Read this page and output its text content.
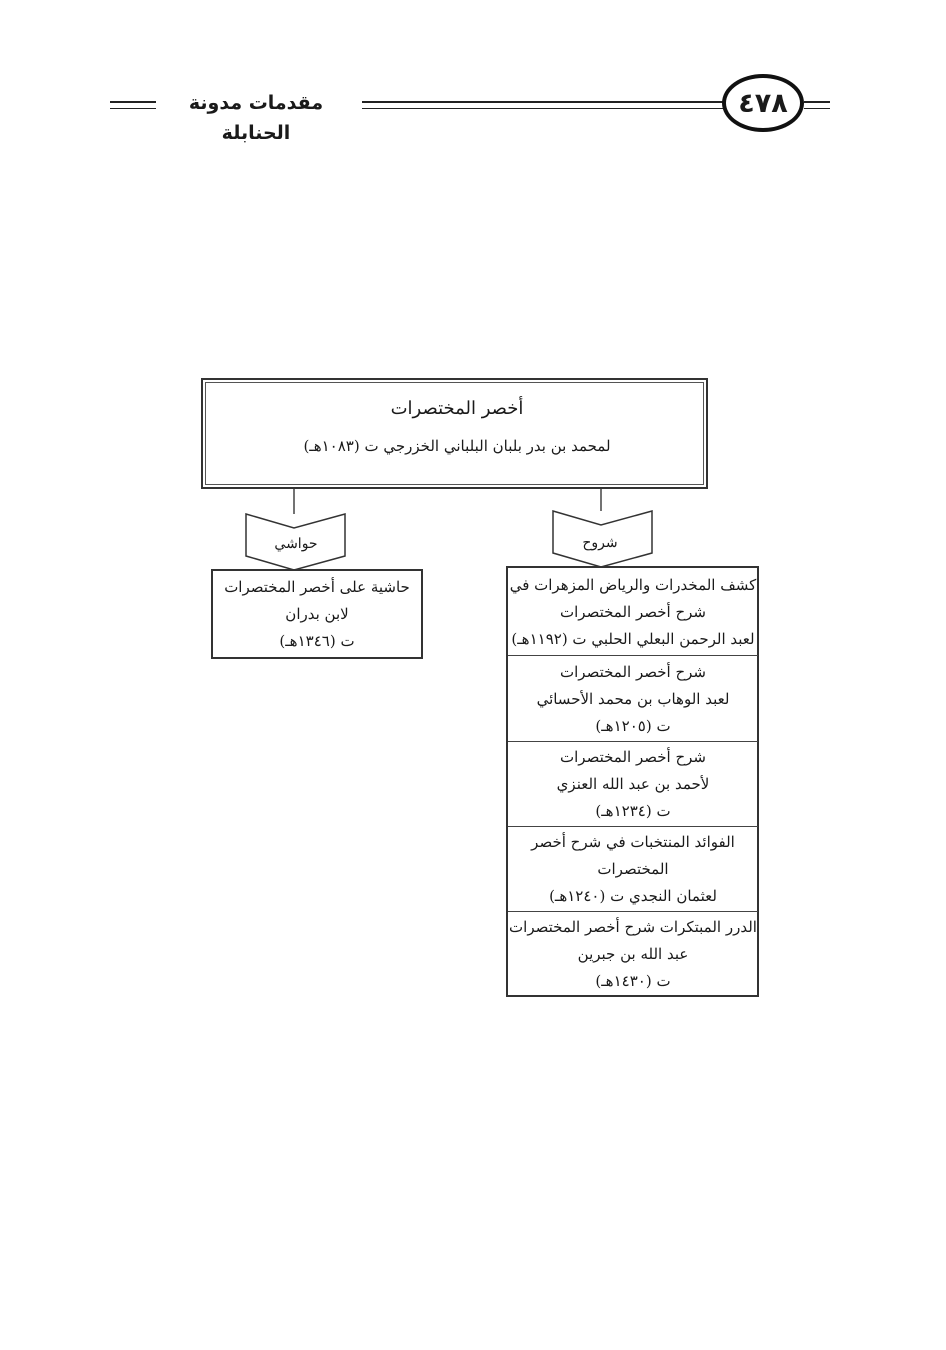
مقدمات مدونة الحنابلة
٤٧٨
حواشي	شروح
أخصر المختصرات
لمحمد بن بدر بلبان البلباني الخزرجي ت (١٠٨٣هـ)
حاشية على أخصر المختصرات
لابن بدران
ت (١٣٤٦هـ)
كشف المخدرات والرياض المزهرات في
شرح أخصر المختصرات
لعبد الرحمن البعلي الحلبي ت (١١٩٢هـ)
شرح أخصر المختصرات
لعبد الوهاب بن محمد الأحسائي
ت (١٢٠٥هـ)
شرح أخصر المختصرات
لأحمد بن عبد الله العنزي
ت (١٢٣٤هـ)
الفوائد المنتخبات في شرح أخصر
المختصرات
لعثمان النجدي ت (١٢٤٠هـ)
الدرر المبتكرات شرح أخصر المختصرات
عبد الله بن جبرين
ت (١٤٣٠هـ)
